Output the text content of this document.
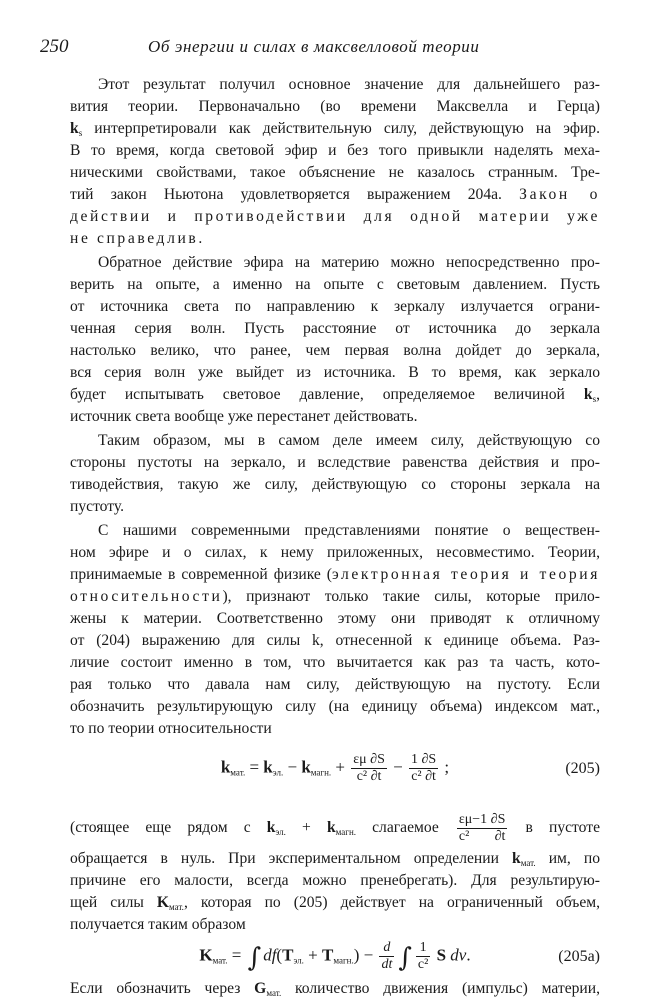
250	Об энергии и силах в максвелловой теории
Этот результат получил основное значение для дальнейшего раз-
вития теории. Первоначально (во времени Максвелла и Герца)
$k_s$ интерпретировали как действительную силу, действующую на эфир.
В то время, когда световой эфир и без того привыкли наделять меха-
ническими свойствами, такое объяснение не казалось странным. Тре-
тий закон Ньютона удовлетворяется выражением 204а. Закон о
действии и противодействии для одной материи уже
не справедлив.
Обратное действие эфира на материю можно непосредственно про-
верить на опыте, а именно на опыте с световым давлением. Пусть
от источника света по направлению к зеркалу излучается ограни-
ченная серия волн. Пусть расстояние от источника до зеркала
настолько велико, что ранее, чем первая волна дойдет до зеркала,
вся серия волн уже выйдет из источника. В то время, как зеркало
будет испытывать световое давление, определяемое величиной $k_s$,
источник света вообще уже перестанет действовать.
Таким образом, мы в самом деле имеем силу, действующую со
стороны пустоты на зеркало, и вследствие равенства действия и про-
тиводействия, такую же силу, действующую со стороны зеркала на
пустоту.
С нашими современными представлениями понятие о веществен-
ном эфире и о силах, к нему приложенных, несовместимо. Теории,
принимаемые в современной физике (электронная теория и теория
относительности), признают только такие силы, которые прило-
жены к материи. Соответственно этому они приводят к отличному
от (204) выражению для силы k, отнесенной к единице объема. Раз-
личие состоит именно в том, что вычитается как раз та часть, кото-
рая только что давала нам силу, действующую на пустоту. Если
обозначить результирующую силу (на единицу объема) индексом мат.,
то по теории относительности
$k_{мат.} = k_{эл.} - k_{магн.} + \frac{\varepsilon\mu \partial S}{\text{c² ∂t}} - \frac{1 \partial S}{\text{c² ∂t}}$ ;	(205)
(стоящее еще рядом с $k_{эл.} + k_{магн.}$ слагаемое $\frac{\varepsilon\mu-1 \partial S}{\text{c² ∂t}}$ в пустоте
обращается в нуль. При экспериментальном определении $k_{мат.}$ им, по
причине его малости, всегда можно пренебрегать). Для результирую-
щей силы $K_{мат.}$, которая по (205) действует на ограниченный объем,
получается таким образом
$K_{мат.}$ = ∫ $df(T_{эл.} + T_{магн.}) - \frac{d}{dt}$ ∫ $\frac{1}{\text{c²}}$ S dv.	(205a)
Если обозначить через $G_{мат.}$ количество движения (импульс) материи,
